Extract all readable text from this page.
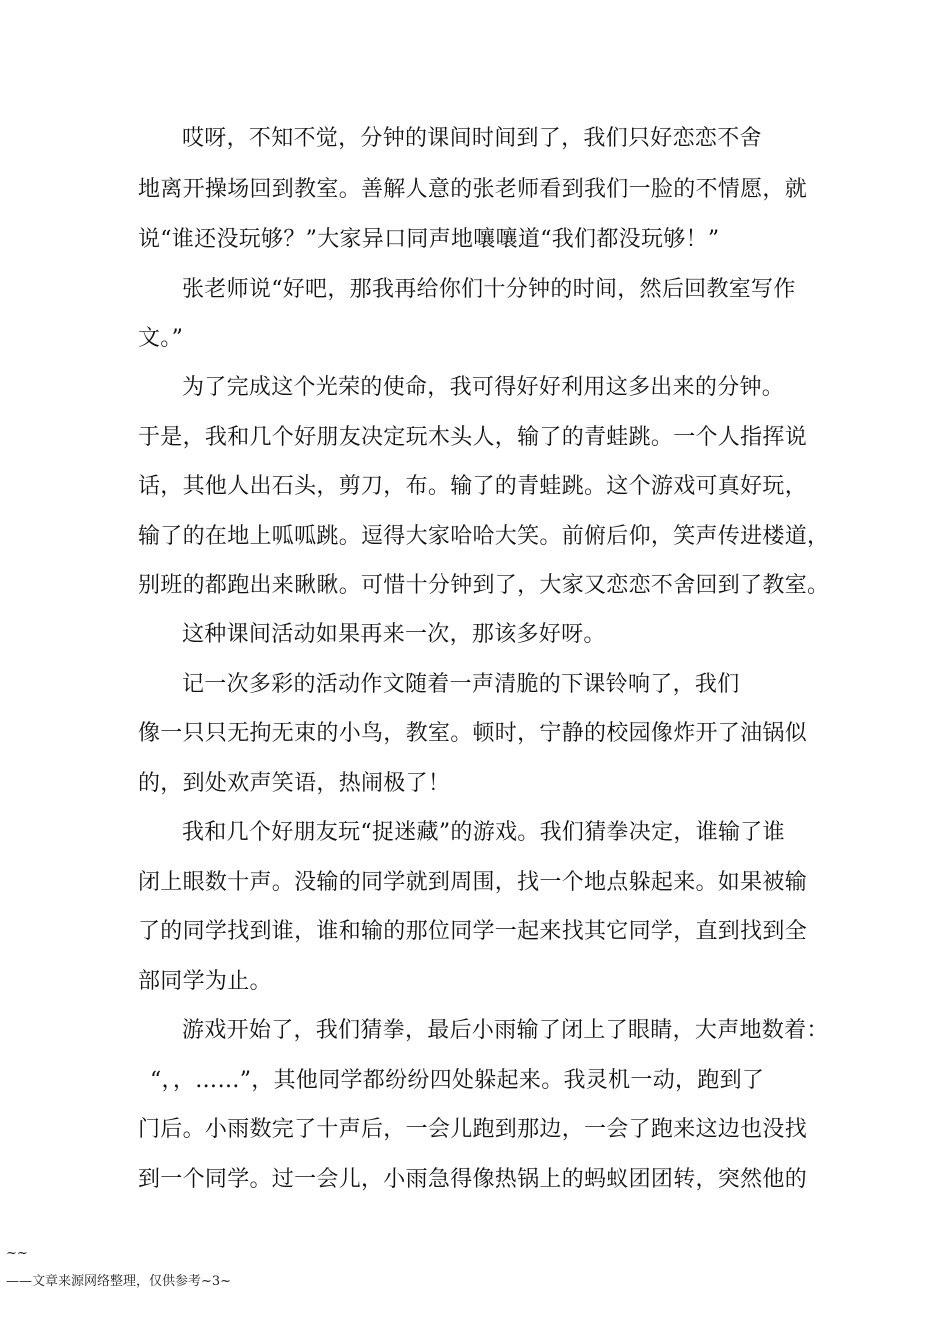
哎呀，不知不觉，分钟的课间时间到了，我们只好恋恋不舍
地离开操场回到教室。善解人意的张老师看到我们一脸的不情愿，就
说“谁还没玩够？”大家异口同声地嚷嚷道“我们都没玩够！”
张老师说“好吧，那我再给你们十分钟的时间，然后回教室写作
文。”
为了完成这个光荣的使命，我可得好好利用这多出来的分钟。
于是，我和几个好朋友决定玩木头人，输了的青蛙跳。一个人指挥说
话，其他人出石头，剪刀，布。输了的青蛙跳。这个游戏可真好玩，
输了的在地上呱呱跳。逗得大家哈哈大笑。前俯后仰，笑声传进楼道，
别班的都跑出来瞅瞅。可惜十分钟到了，大家又恋恋不舍回到了教室。
这种课间活动如果再来一次，那该多好呀。
记一次多彩的活动作文随着一声清脆的下课铃响了，我们
像一只只无拘无束的小鸟，教室。顿时，宁静的校园像炸开了油锅似
的，到处欢声笑语，热闹极了！
我和几个好朋友玩“捉迷藏”的游戏。我们猜拳决定，谁输了谁
闭上眼数十声。没输的同学就到周围，找一个地点躲起来。如果被输
了的同学找到谁，谁和输的那位同学一起来找其它同学，直到找到全
部同学为止。
游戏开始了，我们猜拳，最后小雨输了闭上了眼睛，大声地数着：
“，，……”，其他同学都纷纷四处躲起来。我灵机一动，跑到了
门后。小雨数完了十声后，一会儿跑到那边，一会了跑来这边也没找
到一个同学。过一会儿，小雨急得像热锅上的蚂蚁团团转，突然他的
~~
——文章来源网络整理，仅供参考~3~
